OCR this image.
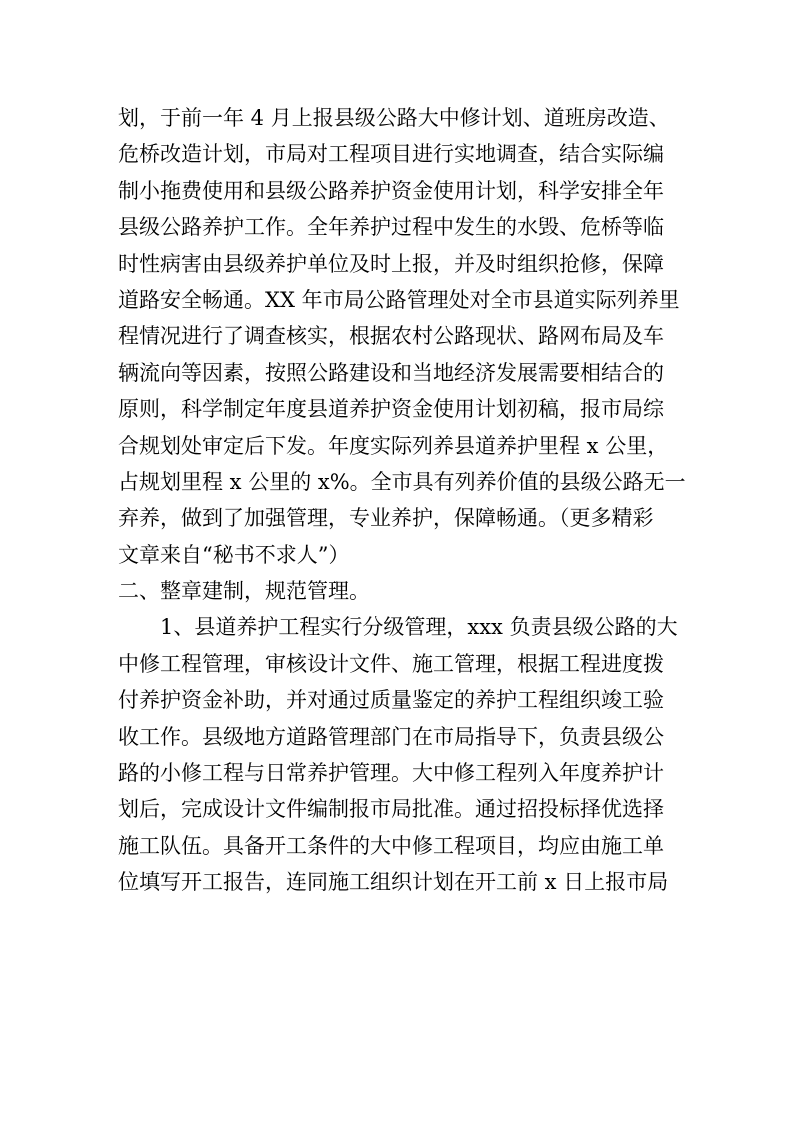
划，于前一年 4 月上报县级公路大中修计划、道班房改造、
危桥改造计划，市局对工程项目进行实地调查，结合实际编
制小拖费使用和县级公路养护资金使用计划，科学安排全年
县级公路养护工作。全年养护过程中发生的水毁、危桥等临
时性病害由县级养护单位及时上报，并及时组织抢修，保障
道路安全畅通。XX 年市局公路管理处对全市县道实际列养里
程情况进行了调查核实，根据农村公路现状、路网布局及车
辆流向等因素，按照公路建设和当地经济发展需要相结合的
原则，科学制定年度县道养护资金使用计划初稿，报市局综
合规划处审定后下发。年度实际列养县道养护里程 x 公里，
占规划里程 x 公里的 x%。全市具有列养价值的县级公路无一
弃养，做到了加强管理，专业养护，保障畅通。（更多精彩
文章来自“秘书不求人”）
二、整章建制，规范管理。
1、县道养护工程实行分级管理，xxx 负责县级公路的大
中修工程管理，审核设计文件、施工管理，根据工程进度拨
付养护资金补助，并对通过质量鉴定的养护工程组织竣工验
收工作。县级地方道路管理部门在市局指导下，负责县级公
路的小修工程与日常养护管理。大中修工程列入年度养护计
划后，完成设计文件编制报市局批准。通过招投标择优选择
施工队伍。具备开工条件的大中修工程项目，均应由施工单
位填写开工报告，连同施工组织计划在开工前 x 日上报市局
